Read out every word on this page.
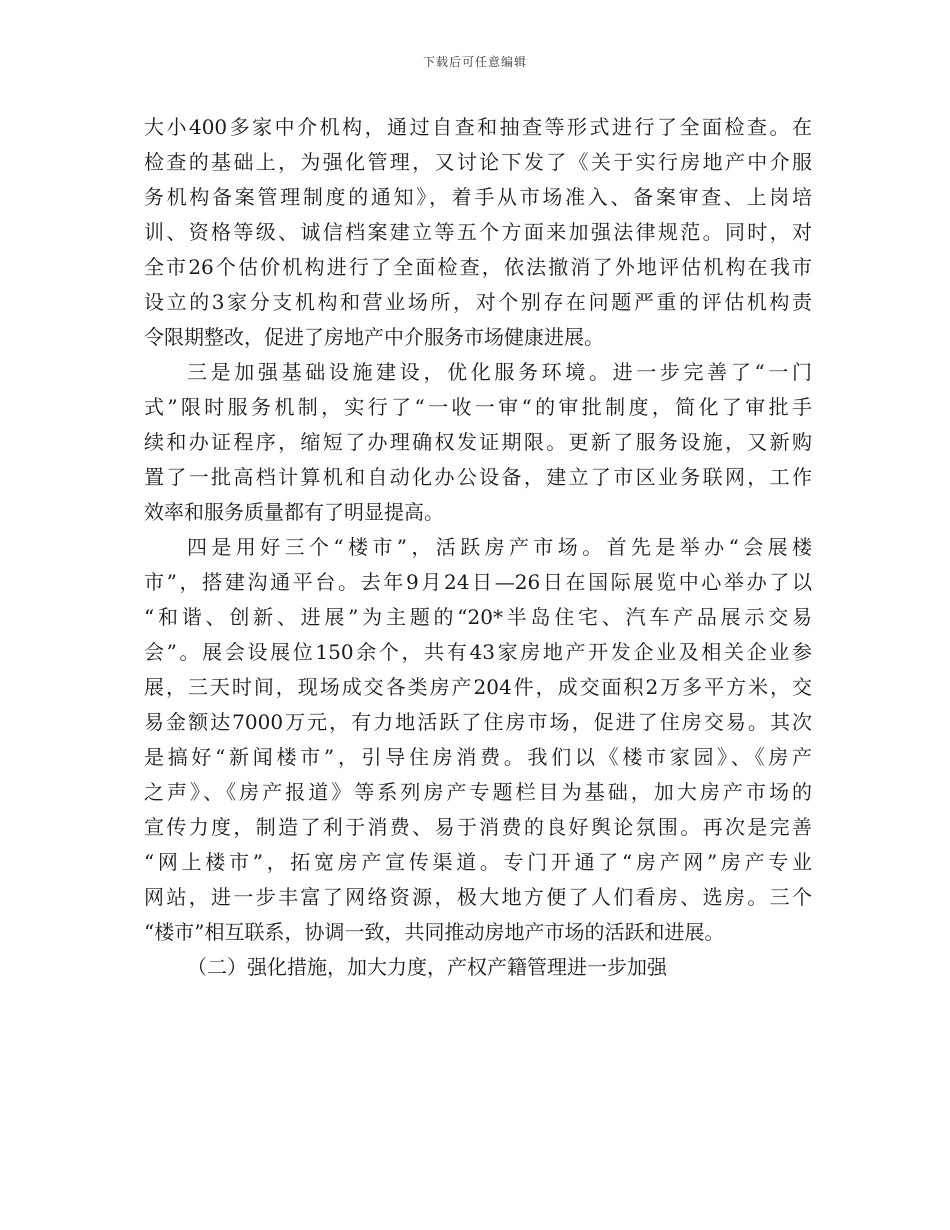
下载后可任意编辑
大小400多家中介机构，通过自查和抽查等形式进行了全面检查。在
检查的基础上，为强化管理，又讨论下发了《关于实行房地产中介服
务机构备案管理制度的通知》，着手从市场准入、备案审查、上岗培
训、资格等级、诚信档案建立等五个方面来加强法律规范。同时，对
全市26个估价机构进行了全面检查，依法撤消了外地评估机构在我市
设立的3家分支机构和营业场所，对个别存在问题严重的评估机构责
令限期整改，促进了房地产中介服务市场健康进展。
三是加强基础设施建设，优化服务环境。进一步完善了“一门
式”限时服务机制，实行了“一收一审“的审批制度，简化了审批手
续和办证程序，缩短了办理确权发证期限。更新了服务设施，又新购
置了一批高档计算机和自动化办公设备，建立了市区业务联网，工作
效率和服务质量都有了明显提高。
四是用好三个“楼市”，活跃房产市场。首先是举办“会展楼
市”，搭建沟通平台。去年9月24日—26日在国际展览中心举办了以
“和谐、创新、进展”为主题的“20*半岛住宅、汽车产品展示交易
会”。展会设展位150余个，共有43家房地产开发企业及相关企业参
展，三天时间，现场成交各类房产204件，成交面积2万多平方米，交
易金额达7000万元，有力地活跃了住房市场，促进了住房交易。其次
是搞好“新闻楼市”，引导住房消费。我们以《楼市家园》、《房产
之声》、《房产报道》等系列房产专题栏目为基础，加大房产市场的
宣传力度，制造了利于消费、易于消费的良好舆论氛围。再次是完善
“网上楼市”，拓宽房产宣传渠道。专门开通了“房产网”房产专业
网站，进一步丰富了网络资源，极大地方便了人们看房、选房。三个
“楼市”相互联系，协调一致，共同推动房地产市场的活跃和进展。
（二）强化措施，加大力度，产权产籍管理进一步加强
